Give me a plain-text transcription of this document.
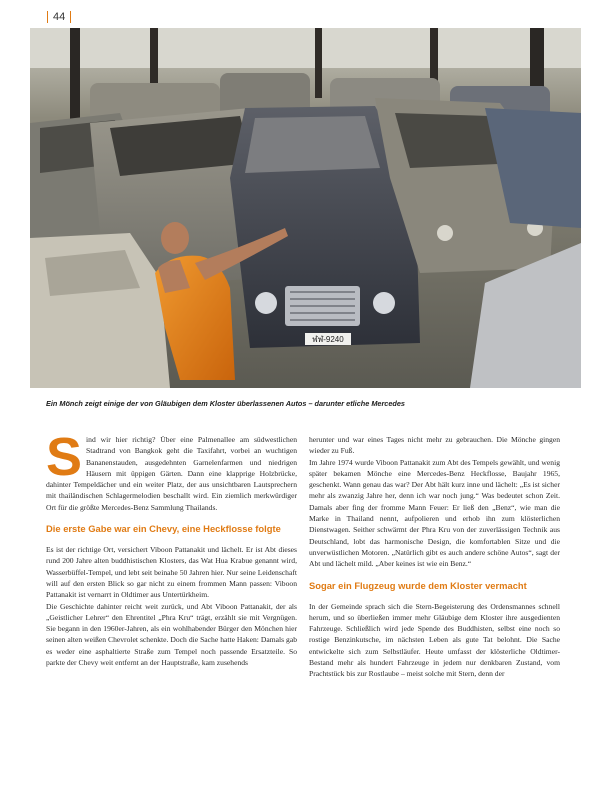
44
ฬฬ-9240
Ein Mönch zeigt einige der von Gläubigen dem Kloster überlassenen Autos – darunter etliche Mercedes

Sind wir hier richtig? Über eine Palmenallee am südwestlichen Stadtrand von Bangkok geht die Taxifahrt, vorbei an wuchtigen Bananenstauden, ausgedehnten Garnelenfarmen und niedrigen Häusern mit üppigen Gärten. Dann eine klapprige Holzbrücke, dahinter Tempeldächer und ein weiter Platz, der aus unsichtbaren Lautsprechern mit thailändischen Schlagermelodien beschallt wird. Ein ziemlich merkwürdiger Ort für die größte Mercedes-Benz Sammlung Thailands.

Die erste Gabe war ein Chevy, eine Heckflosse folgte

Es ist der richtige Ort, versichert Viboon Pattanakit und lächelt. Er ist Abt dieses rund 200 Jahre alten buddhistischen Klosters, das Wat Hua Krabue genannt wird, Wasserbüffel-Tempel, und lebt seit beinahe 50 Jahren hier. Nur seine Leidenschaft will auf den ersten Blick so gar nicht zu einem frommen Mann passen: Viboon Pattanakit ist vernarrt in Oldtimer aus Untertürkheim.

Die Geschichte dahinter reicht weit zurück, und Abt Viboon Pattanakit, der als „Geistlicher Lehrer“ den Ehrentitel „Phra Kru“ trägt, erzählt sie mit Vergnügen. Sie begann in den 1960er-Jahren, als ein wohlhabender Bürger den Mönchen hier seinen alten weißen Chevrolet schenkte. Doch die Sache hatte Haken: Damals gab es weder eine asphaltierte Straße zum Tempel noch passende Ersatzteile. So parkte der Chevy weit entfernt an der Hauptstraße, kam zusehends

herunter und war eines Tages nicht mehr zu gebrauchen. Die Mönche gingen wieder zu Fuß.

Im Jahre 1974 wurde Viboon Pattanakit zum Abt des Tempels gewählt, und wenig später bekamen Mönche eine Mercedes-Benz Heckflosse, Baujahr 1965, geschenkt. Wann genau das war? Der Abt hält kurz inne und lächelt: „Es ist sicher mehr als zwanzig Jahre her, denn ich war noch jung.“ Was bedeutet schon Zeit. Damals aber fing der fromme Mann Feuer: Er ließ den „Benz“, wie man die Marke in Thailand nennt, aufpolieren und erhob ihn zum klösterlichen Dienstwagen. Seither schwärmt der Phra Kru von der zuverlässigen Technik aus Deutschland, lobt das harmonische Design, die komfortablen Sitze und die unverwüstlichen Motoren. „Natürlich gibt es auch andere schöne Autos“, sagt der Abt und lächelt mild. „Aber keines ist wie ein Benz.“

Sogar ein Flugzeug wurde dem Kloster vermacht

In der Gemeinde sprach sich die Stern-Begeisterung des Ordensmannes schnell herum, und so überließen immer mehr Gläubige dem Kloster ihre ausgedienten Fahrzeuge. Schließlich wird jede Spende des Buddhisten, selbst eine noch so rostige Benzinkutsche, im nächsten Leben als gute Tat belohnt. Die Sache entwickelte sich zum Selbstläufer. Heute umfasst der klösterliche Oldtimer-Bestand mehr als hundert Fahrzeuge in jedem nur denkbaren Zustand, vom Prachtstück bis zur Rostlaube – meist solche mit Stern, denn der
